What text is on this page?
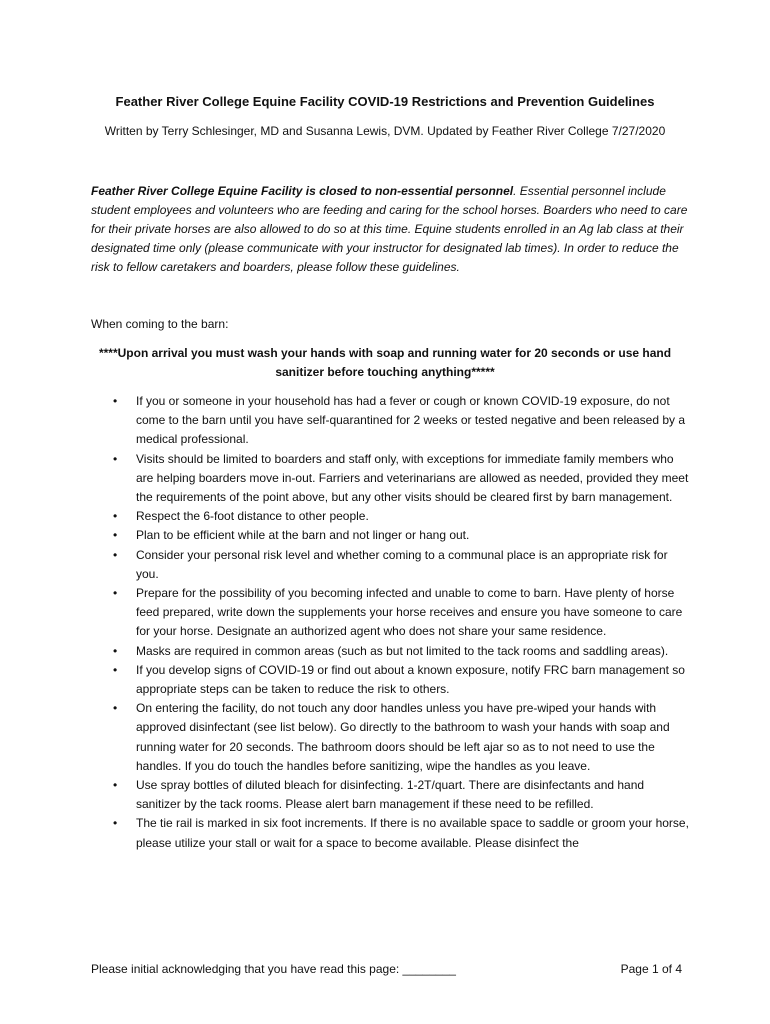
Feather River College Equine Facility COVID-19 Restrictions and Prevention Guidelines
Written by Terry Schlesinger, MD and Susanna Lewis, DVM. Updated by Feather River College 7/27/2020
Feather River College Equine Facility is closed to non-essential personnel. Essential personnel include student employees and volunteers who are feeding and caring for the school horses. Boarders who need to care for their private horses are also allowed to do so at this time. Equine students enrolled in an Ag lab class at their designated time only (please communicate with your instructor for designated lab times). In order to reduce the risk to fellow caretakers and boarders, please follow these guidelines.
When coming to the barn:
****Upon arrival you must wash your hands with soap and running water for 20 seconds or use hand sanitizer before touching anything*****
• If you or someone in your household has had a fever or cough or known COVID-19 exposure, do not come to the barn until you have self-quarantined for 2 weeks or tested negative and been released by a medical professional.
• Visits should be limited to boarders and staff only, with exceptions for immediate family members who are helping boarders move in-out. Farriers and veterinarians are allowed as needed, provided they meet the requirements of the point above, but any other visits should be cleared first by barn management.
• Respect the 6-foot distance to other people.
• Plan to be efficient while at the barn and not linger or hang out.
• Consider your personal risk level and whether coming to a communal place is an appropriate risk for you.
• Prepare for the possibility of you becoming infected and unable to come to barn. Have plenty of horse feed prepared, write down the supplements your horse receives and ensure you have someone to care for your horse. Designate an authorized agent who does not share your same residence.
• Masks are required in common areas (such as but not limited to the tack rooms and saddling areas).
• If you develop signs of COVID-19 or find out about a known exposure, notify FRC barn management so appropriate steps can be taken to reduce the risk to others.
• On entering the facility, do not touch any door handles unless you have pre-wiped your hands with approved disinfectant (see list below). Go directly to the bathroom to wash your hands with soap and running water for 20 seconds. The bathroom doors should be left ajar so as to not need to use the handles. If you do touch the handles before sanitizing, wipe the handles as you leave.
• Use spray bottles of diluted bleach for disinfecting. 1-2T/quart. There are disinfectants and hand sanitizer by the tack rooms. Please alert barn management if these need to be refilled.
• The tie rail is marked in six foot increments. If there is no available space to saddle or groom your horse, please utilize your stall or wait for a space to become available. Please disinfect the
Please initial acknowledging that you have read this page: ________	Page 1 of 4
